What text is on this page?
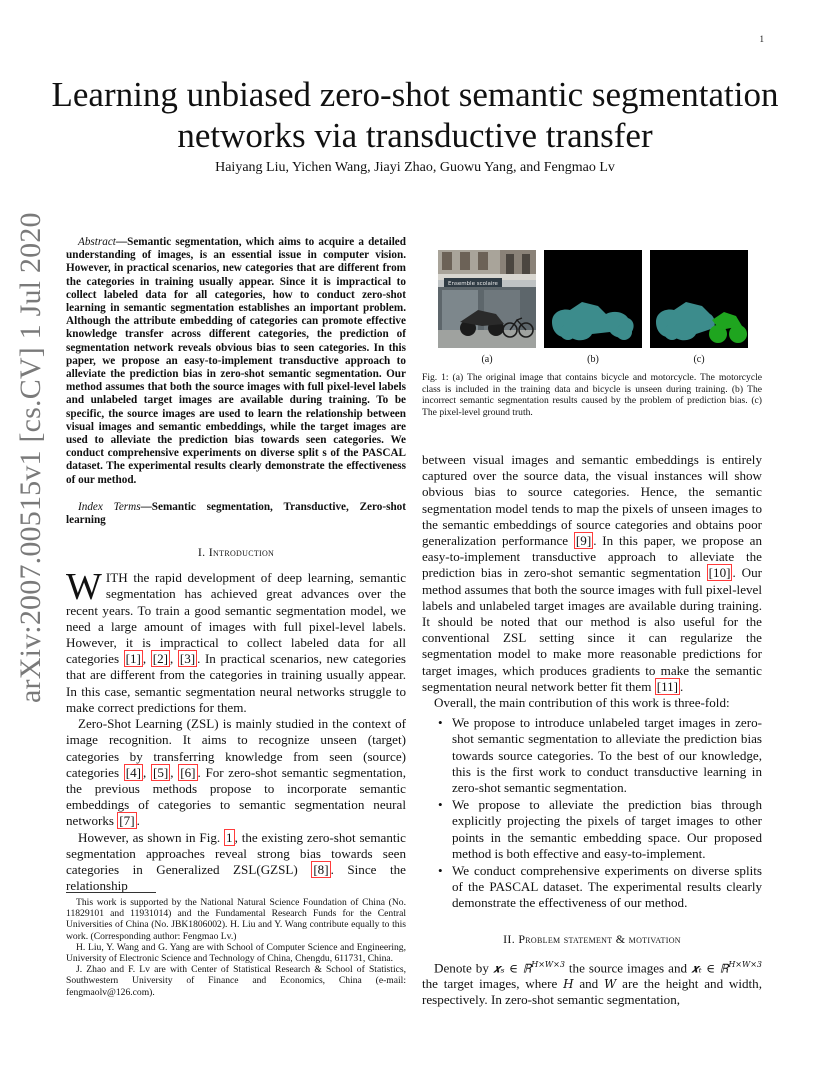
1
arXiv:2007.00515v1 [cs.CV] 1 Jul 2020
Learning unbiased zero-shot semantic segmentation networks via transductive transfer
Haiyang Liu, Yichen Wang, Jiayi Zhao, Guowu Yang, and Fengmao Lv

Abstract—Semantic segmentation, which aims to acquire a detailed understanding of images, is an essential issue in computer vision. However, in practical scenarios, new categories that are different from the categories in training usually appear. Since it is impractical to collect labeled data for all categories, how to conduct zero-shot learning in semantic segmentation establishes an important problem. Although the attribute embedding of categories can promote effective knowledge transfer across different categories, the prediction of segmentation network reveals obvious bias to seen categories. In this paper, we propose an easy-to-implement transductive approach to alleviate the prediction bias in zero-shot semantic segmentation. Our method assumes that both the source images with full pixel-level labels and unlabeled target images are available during training. To be specific, the source images are used to learn the relationship between visual images and semantic embeddings, while the target images are used to alleviate the prediction bias towards seen categories. We conduct comprehensive experiments on diverse split s of the PASCAL dataset. The experimental results clearly demonstrate the effectiveness of our method.

Index Terms—Semantic segmentation, Transductive, Zero-shot learning

I. Introduction

WITH the rapid development of deep learning, semantic segmentation has achieved great advances over the recent years. To train a good semantic segmentation model, we need a large amount of images with full pixel-level labels. However, it is impractical to collect labeled data for all categories [1] , [2] , [3] . In practical scenarios, new categories that are different from the categories in training usually appear. In this case, semantic segmentation neural networks struggle to make correct predictions for them.

Zero-Shot Learning (ZSL) is mainly studied in the context of image recognition. It aims to recognize unseen (target) categories by transferring knowledge from seen (source) categories [4] , [5] , [6] . For zero-shot semantic segmentation, the previous methods propose to incorporate semantic embeddings of categories to semantic segmentation neural networks [7] .

However, as shown in Fig. 1 , the existing zero-shot semantic segmentation approaches reveal strong bias towards seen categories in Generalized ZSL(GZSL) [8] . Since the relationship

This work is supported by the National Natural Science Foundation of China (No. 11829101 and 11931014) and the Fundamental Research Funds for the Central Universities of China (No. JBK1806002). H. Liu and Y. Wang contribute equally to this work. (Corresponding author: Fengmao Lv.)

H. Liu, Y. Wang and G. Yang are with School of Computer Science and Engineering, University of Electronic Science and Technology of China, Chengdu, 611731, China.

J. Zhao and F. Lv are with Center of Statistical Research & School of Statistics, Southwestern University of Finance and Economics, China (e-mail: fengmaolv@126.com).

Ensemble scolaire
(a)	(b)	(c)
Fig. 1: (a) The original image that contains bicycle and motorcycle. The motorcycle class is included in the training data and bicycle is unseen during training. (b) The incorrect semantic segmentation results caused by the problem of prediction bias. (c) The pixel-level ground truth.

between visual images and semantic embeddings is entirely captured over the source data, the visual instances will show obvious bias to source categories. Hence, the semantic segmentation model tends to map the pixels of unseen images to the semantic embeddings of source categories and obtains poor generalization performance [9] . In this paper, we propose an easy-to-implement transductive approach to alleviate the prediction bias in zero-shot semantic segmentation [10] . Our method assumes that both the source images with full pixel-level labels and unlabeled target images are available during training. It should be noted that our method is also useful for the conventional ZSL setting since it can regularize the segmentation model to make more reasonable predictions for target images, which produces gradients to make the semantic segmentation neural network better fit them [11] .

Overall, the main contribution of this work is three-fold:

• We propose to introduce unlabeled target images in zero-shot semantic segmentation to alleviate the prediction bias towards source categories. To the best of our knowledge, this is the first work to conduct transductive learning in zero-shot semantic segmentation.
• We propose to alleviate the prediction bias through explicitly projecting the pixels of target images to other points in the semantic embedding space. Our proposed method is both effective and easy-to-implement.
• We conduct comprehensive experiments on diverse splits of the PASCAL dataset. The experimental results clearly demonstrate the effectiveness of our method.
II. Problem statement & motivation

Denote by 𝒙ₛ ∈ ℝ$^{H\times W\times 3}$ the source images and 𝒙ₜ ∈ ℝ$^{H\times W\times 3}$ the target images, where H and W are the height and width, respectively. In zero-shot semantic segmentation,
